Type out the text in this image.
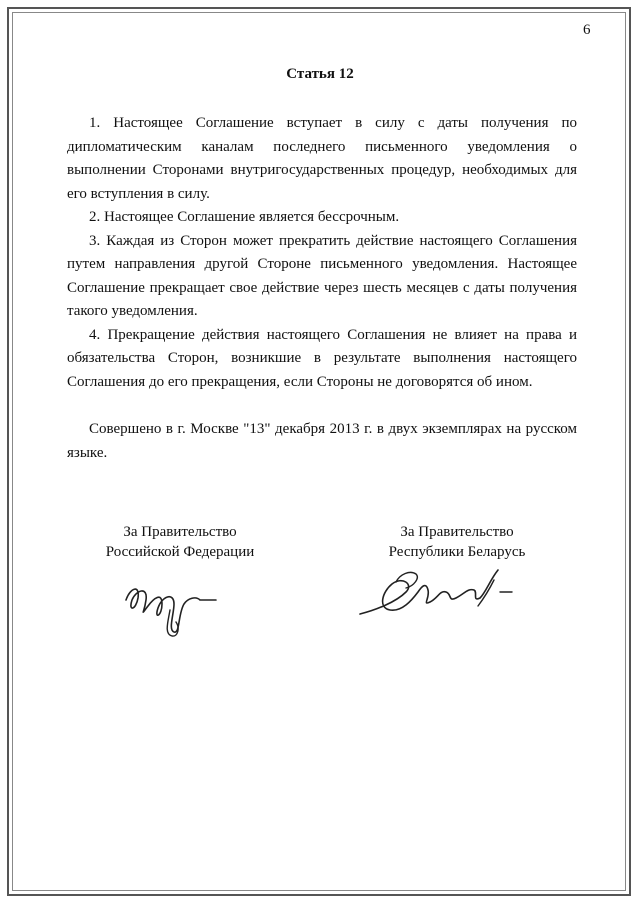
6
Статья 12

1. Настоящее Соглашение вступает в силу с даты получения по дипломатическим каналам последнего письменного уведомления о выполнении Сторонами внутригосударственных процедур, необходимых для его вступления в силу.

2. Настоящее Соглашение является бессрочным.

3. Каждая из Сторон может прекратить действие настоящего Соглашения путем направления другой Стороне письменного уведомления. Настоящее Соглашение прекращает свое действие через шесть месяцев с даты получения такого уведомления.

4. Прекращение действия настоящего Соглашения не влияет на права и обязательства Сторон, возникшие в результате выполнения настоящего Соглашения до его прекращения, если Стороны не договорятся об ином.

Совершено в г. Москве "13" декабря 2013 г. в двух экземплярах на русском языке.

За Правительство
Российской Федерации
За Правительство
Республики Беларусь
